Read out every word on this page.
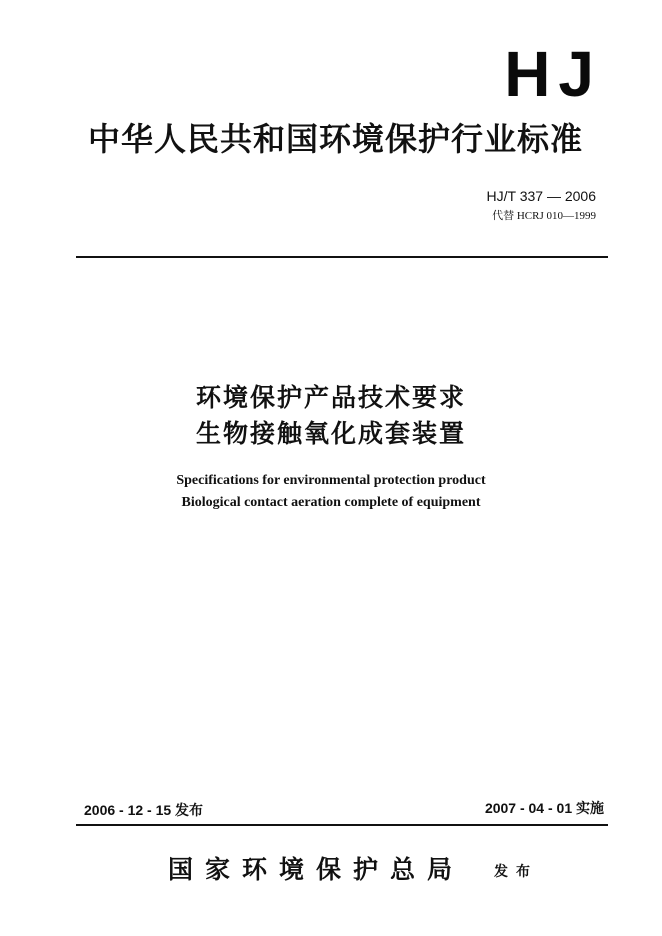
HJ
中华人民共和国环境保护行业标准
HJ/T 337 — 2006
代替 HCRJ 010—1999
环境保护产品技术要求
生物接触氧化成套装置
Specifications for environmental protection product
Biological contact aeration complete of equipment
2006 - 12 - 15 发布	2007 - 04 - 01 实施
国家环境保护总局 发布
